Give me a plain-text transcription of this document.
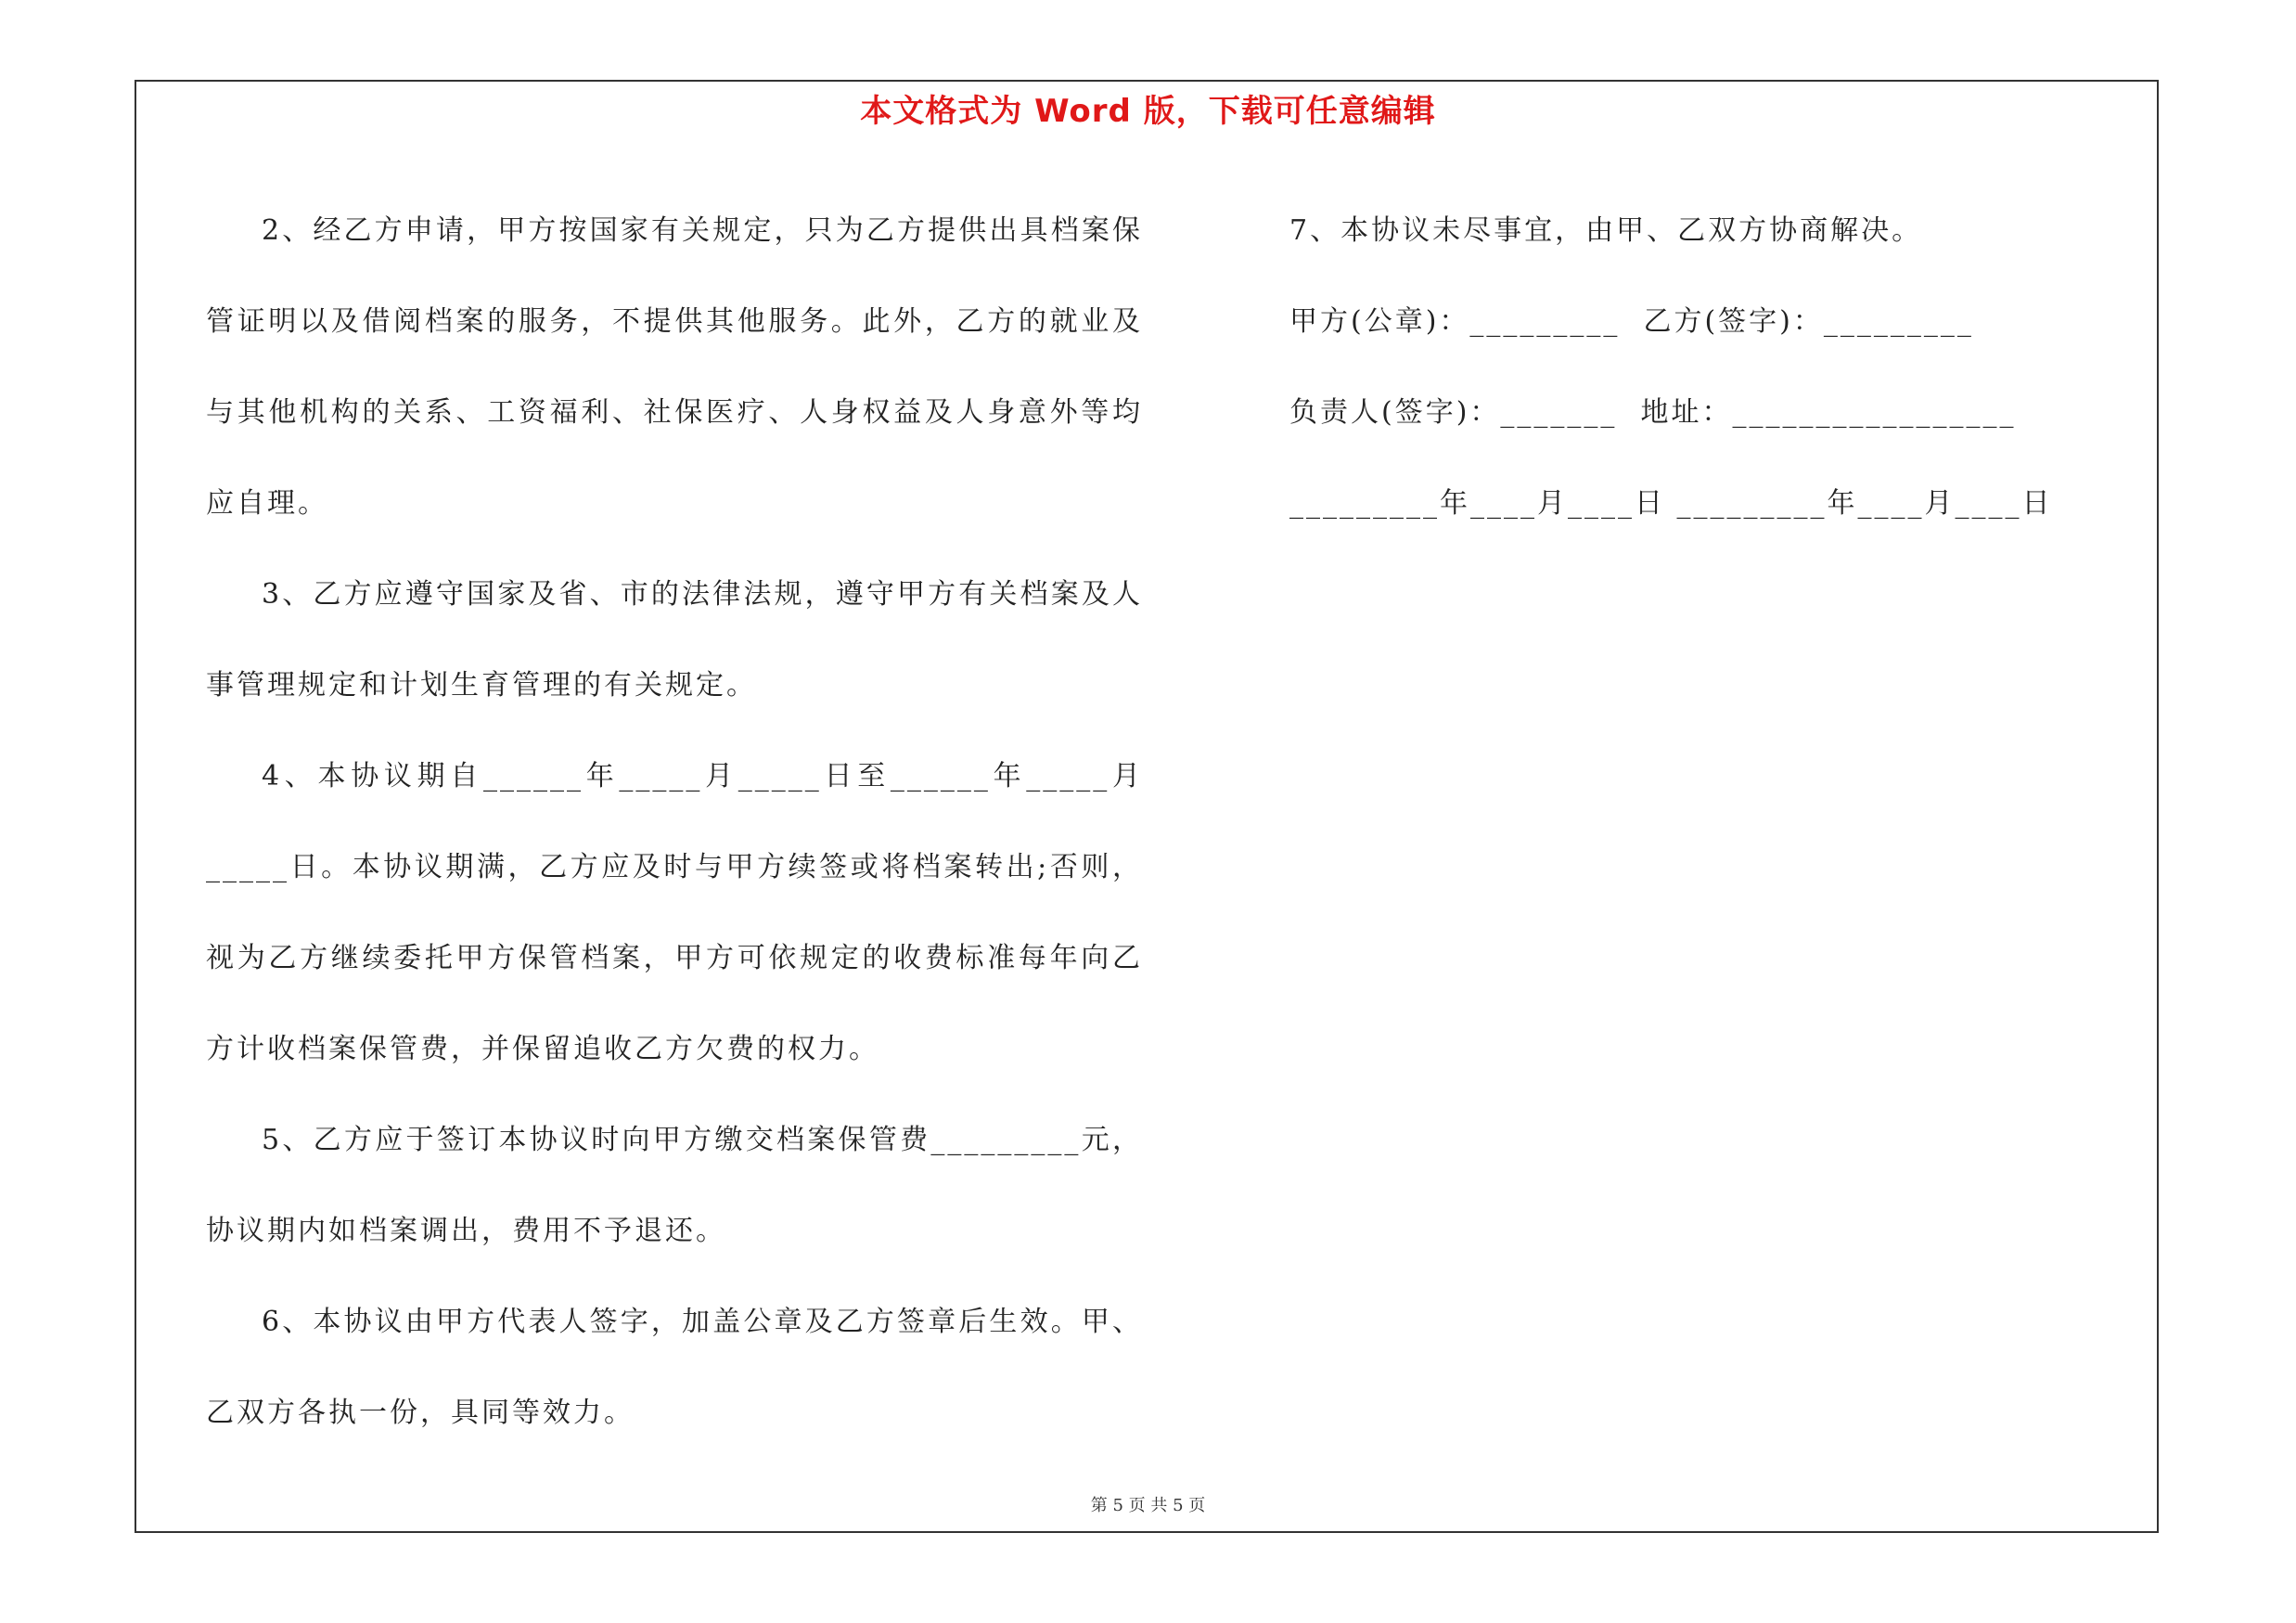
本文格式为 Word 版，下载可任意编辑

2、经乙方申请，甲方按国家有关规定，只为乙方提供出具档案保管证明以及借阅档案的服务，不提供其他服务。此外，乙方的就业及与其他机构的关系、工资福利、社保医疗、人身权益及人身意外等均应自理。

3、乙方应遵守国家及省、市的法律法规，遵守甲方有关档案及人事管理规定和计划生育管理的有关规定。

4、本协议期自______年_____月_____日至______年_____月_____日。本协议期满，乙方应及时与甲方续签或将档案转出;否则，视为乙方继续委托甲方保管档案，甲方可依规定的收费标准每年向乙方计收档案保管费，并保留追收乙方欠费的权力。

5、乙方应于签订本协议时向甲方缴交档案保管费_________元，协议期内如档案调出，费用不予退还。

6、本协议由甲方代表人签字，加盖公章及乙方签章后生效。甲、乙双方各执一份，具同等效力。

7、本协议未尽事宜，由甲、乙双方协商解决。

甲方(公章)：_________  乙方(签字)：_________

负责人(签字)：_______  地址：_________________

_________年____月____日 _________年____月____日

第 5 页 共 5 页
